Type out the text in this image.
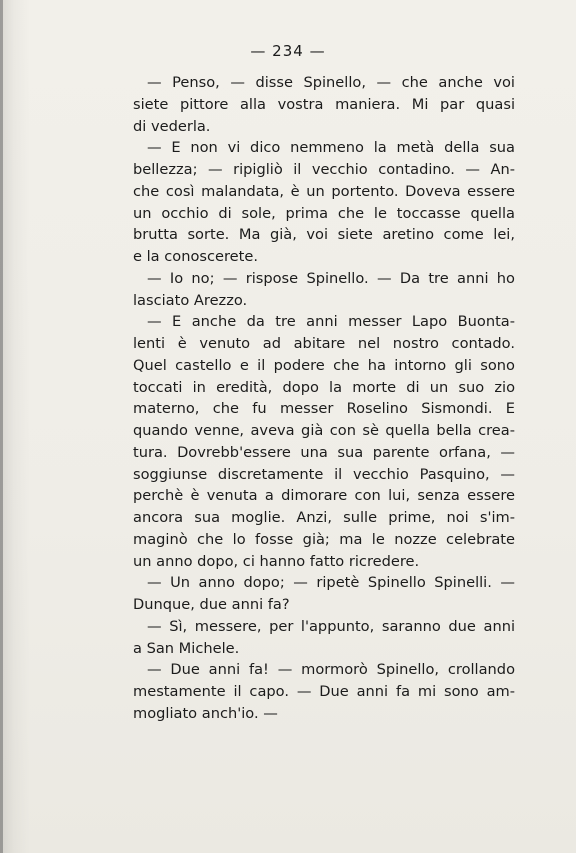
— 234 —
— Penso, — disse Spinello, — che anche voi
siete pittore alla vostra maniera. Mi par quasi
di vederla.
— E non vi dico nemmeno la metà della sua
bellezza; — ripigliò il vecchio contadino. — An-
che così malandata, è un portento. Doveva essere
un occhio di sole, prima che le toccasse quella
brutta sorte. Ma già, voi siete aretino come lei,
e la conoscerete.
— Io no; — rispose Spinello. — Da tre anni ho
lasciato Arezzo.
— E anche da tre anni messer Lapo Buonta-
lenti è venuto ad abitare nel nostro contado.
Quel castello e il podere che ha intorno gli sono
toccati in eredità, dopo la morte di un suo zio
materno, che fu messer Roselino Sismondi. E
quando venne, aveva già con sè quella bella crea-
tura. Dovrebb'essere una sua parente orfana, —
soggiunse discretamente il vecchio Pasquino, —
perchè è venuta a dimorare con lui, senza essere
ancora sua moglie. Anzi, sulle prime, noi s'im-
maginò che lo fosse già; ma le nozze celebrate
un anno dopo, ci hanno fatto ricredere.
— Un anno dopo; — ripetè Spinello Spinelli. —
Dunque, due anni fa?
— Sì, messere, per l'appunto, saranno due anni
a San Michele.
— Due anni fa! — mormorò Spinello, crollando
mestamente il capo. — Due anni fa mi sono am-
mogliato anch'io. —
